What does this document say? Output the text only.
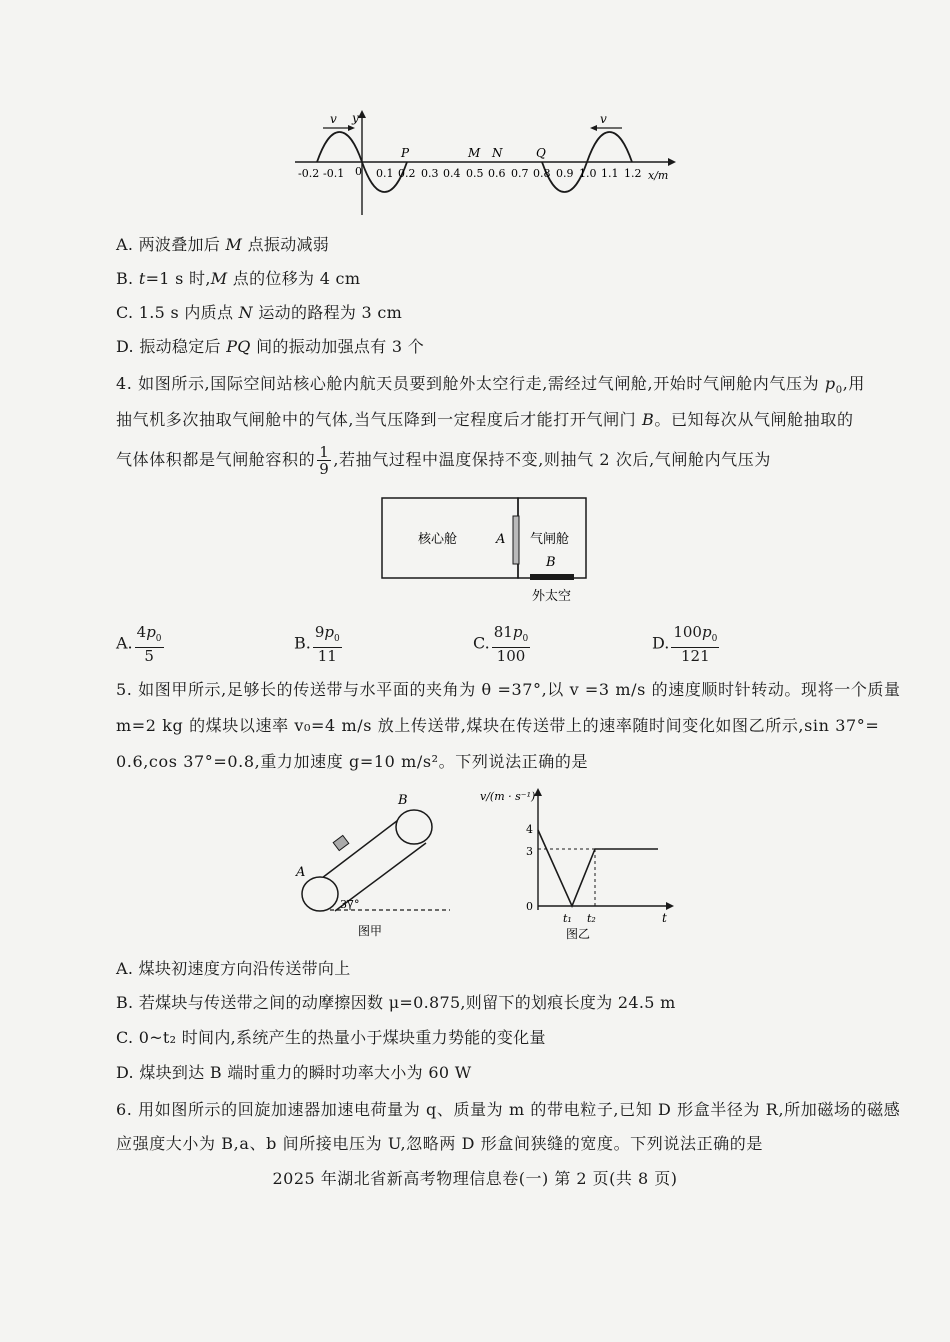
y
v	v
0
-0.2 -0.1	0.1 0.2 0.3 0.4 0.5 0.6 0.7 0.8 0.9 1.0 1.1 1.2 x/m
P	M N	Q
A. 两波叠加后 M 点振动减弱
B. t=1 s 时,M 点的位移为 4 cm
C. 1.5 s 内质点 N 运动的路程为 3 cm
D. 振动稳定后 PQ 间的振动加强点有 3 个
4. 如图所示,国际空间站核心舱内航天员要到舱外太空行走,需经过气闸舱,开始时气闸舱内气压为 $p_0$,用
抽气机多次抽取气闸舱中的气体,当气压降到一定程度后才能打开气闸门 B。已知每次从气闸舱抽取的
气体体积都是气闸舱容积的 $\frac{1}{9}$ ,若抽气过程中温度保持不变,则抽气 2 次后,气闸舱内气压为
核心舱	A 气闸舱
B
外太空
A. $\frac{4p_0}{5}$	B. $\frac{9p_0}{11}$	C. $\frac{81p_0}{100}$	D. $\frac{100p_0}{121}$
5. 如图甲所示,足够长的传送带与水平面的夹角为 θ =37°,以 v =3 m/s 的速度顺时针转动。现将一个质量
m=2 kg 的煤块以速率 v₀=4 m/s 放上传送带,煤块在传送带上的速率随时间变化如图乙所示,sin 37°=
0.6,cos 37°=0.8,重力加速度 g=10 m/s²。下列说法正确的是
A
B
37°
图甲
v/(m · s⁻¹)
t
0
4
3
t₁ t₂
图乙
A. 煤块初速度方向沿传送带向上
B. 若煤块与传送带之间的动摩擦因数 μ=0.875,则留下的划痕长度为 24.5 m
C. 0~t₂ 时间内,系统产生的热量小于煤块重力势能的变化量
D. 煤块到达 B 端时重力的瞬时功率大小为 60 W
6. 用如图所示的回旋加速器加速电荷量为 q、质量为 m 的带电粒子,已知 D 形盒半径为 R,所加磁场的磁感
应强度大小为 B,a、b 间所接电压为 U,忽略两 D 形盒间狭缝的宽度。下列说法正确的是
2025 年湖北省新高考物理信息卷(一) 第 2 页(共 8 页)
